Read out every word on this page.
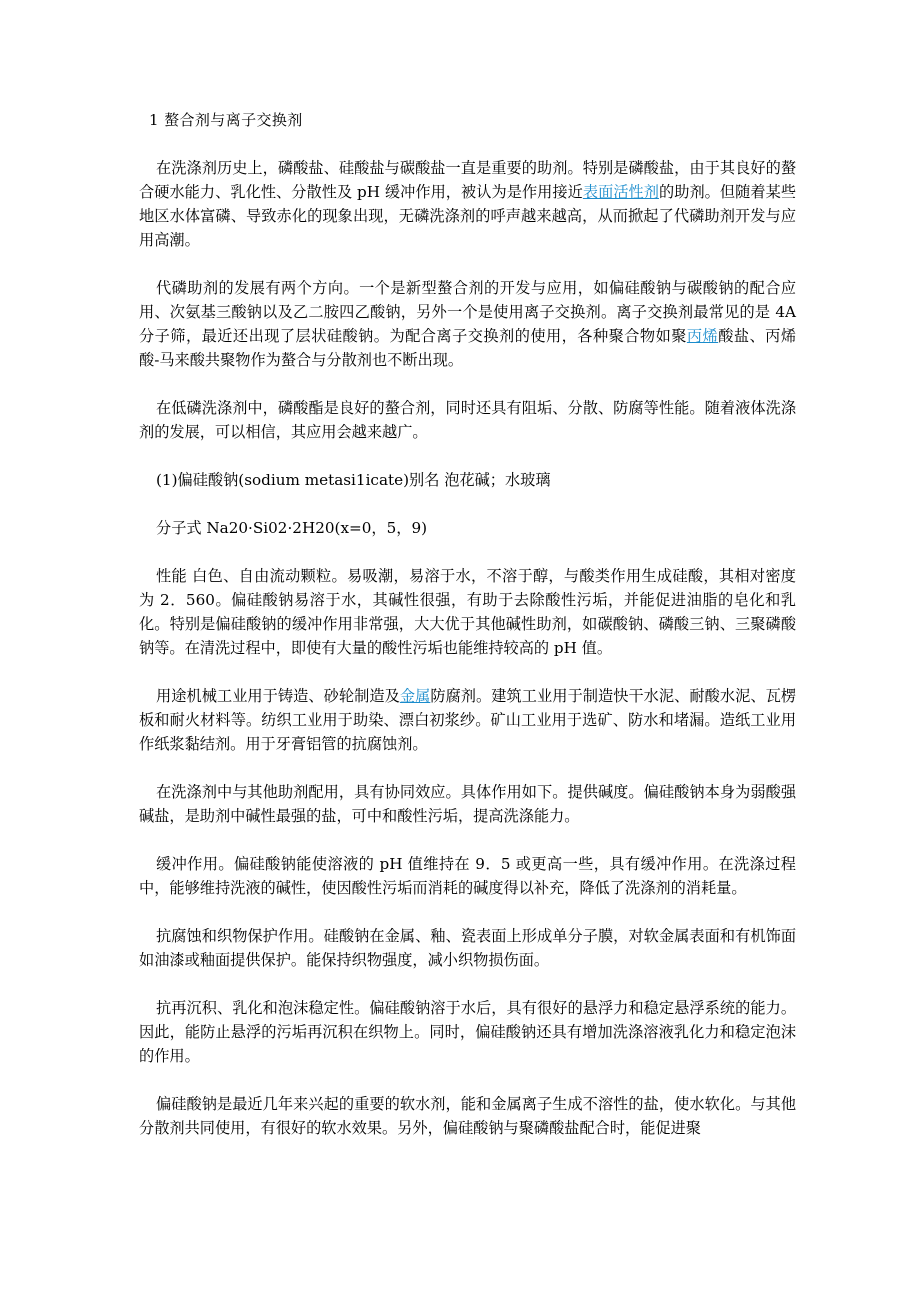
1 螯合剂与离子交换剂

在洗涤剂历史上，磷酸盐、硅酸盐与碳酸盐一直是重要的助剂。特别是磷酸盐，由于其良好的螯合硬水能力、乳化性、分散性及 pH 缓冲作用，被认为是作用接近表面活性剂的助剂。但随着某些地区水体富磷、导致赤化的现象出现，无磷洗涤剂的呼声越来越高，从而掀起了代磷助剂开发与应用高潮。

代磷助剂的发展有两个方向。一个是新型螯合剂的开发与应用，如偏硅酸钠与碳酸钠的配合应用、次氨基三酸钠以及乙二胺四乙酸钠，另外一个是使用离子交换剂。离子交换剂最常见的是 4A 分子筛，最近还出现了层状硅酸钠。为配合离子交换剂的使用，各种聚合物如聚丙烯酸盐、丙烯酸-马来酸共聚物作为螯合与分散剂也不断出现。

在低磷洗涤剂中，磷酸酯是良好的螯合剂，同时还具有阻垢、分散、防腐等性能。随着液体洗涤剂的发展，可以相信，其应用会越来越广。

(1)偏硅酸钠(sodium metasi1icate)别名 泡花碱；水玻璃

分子式 Na20·Si02·2H20(x=0，5，9)

性能 白色、自由流动颗粒。易吸潮，易溶于水，不溶于醇，与酸类作用生成硅酸，其相对密度为 2．560。偏硅酸钠易溶于水，其碱性很强，有助于去除酸性污垢，并能促进油脂的皂化和乳化。特别是偏硅酸钠的缓冲作用非常强，大大优于其他碱性助剂，如碳酸钠、磷酸三钠、三聚磷酸钠等。在清洗过程中，即使有大量的酸性污垢也能维持较高的 pH 值。

用途机械工业用于铸造、砂轮制造及金属防腐剂。建筑工业用于制造快干水泥、耐酸水泥、瓦楞板和耐火材料等。纺织工业用于助染、漂白初浆纱。矿山工业用于选矿、防水和堵漏。造纸工业用作纸浆黏结剂。用于牙膏铝管的抗腐蚀剂。

在洗涤剂中与其他助剂配用，具有协同效应。具体作用如下。提供碱度。偏硅酸钠本身为弱酸强碱盐，是助剂中碱性最强的盐，可中和酸性污垢，提高洗涤能力。

缓冲作用。偏硅酸钠能使溶液的 pH 值维持在 9．5 或更高一些，具有缓冲作用。在洗涤过程中，能够维持洗液的碱性，使因酸性污垢而消耗的碱度得以补充，降低了洗涤剂的消耗量。

抗腐蚀和织物保护作用。硅酸钠在金属、釉、瓷表面上形成单分子膜，对软金属表面和有机饰面如油漆或釉面提供保护。能保持织物强度，减小织物损伤面。

抗再沉积、乳化和泡沫稳定性。偏硅酸钠溶于水后，具有很好的悬浮力和稳定悬浮系统的能力。因此，能防止悬浮的污垢再沉积在织物上。同时，偏硅酸钠还具有增加洗涤溶液乳化力和稳定泡沫的作用。

偏硅酸钠是最近几年来兴起的重要的软水剂，能和金属离子生成不溶性的盐，使水软化。与其他分散剂共同使用，有很好的软水效果。另外，偏硅酸钠与聚磷酸盐配合时，能促进聚
